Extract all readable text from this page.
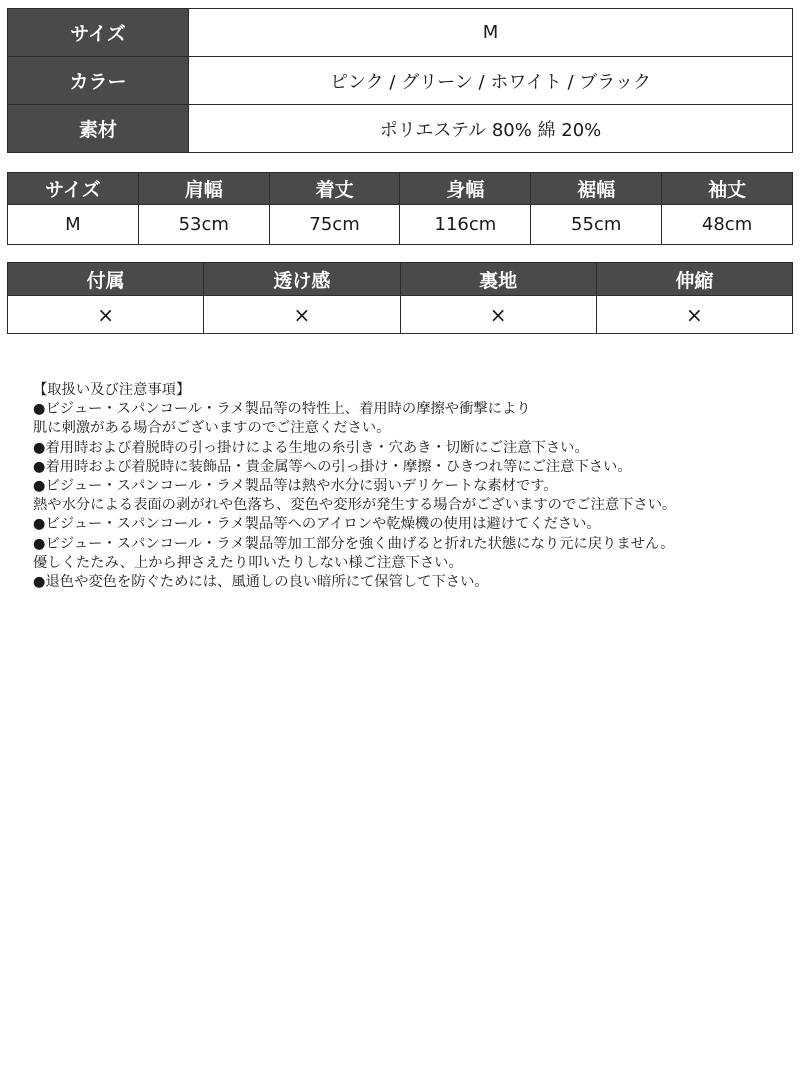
サイズ	M
カラー	ピンク / グリーン / ホワイト / ブラック
素材	ポリエステル 80% 綿 20%
サイズ	肩幅	着丈	身幅	裾幅	袖丈
M	53cm	75cm	116cm	55cm	48cm
付属	透け感	裏地	伸縮
×	×	×	×
【取扱い及び注意事項】
●ビジュー・スパンコール・ラメ製品等の特性上、着用時の摩擦や衝撃により
肌に刺激がある場合がございますのでご注意ください。
●着用時および着脱時の引っ掛けによる生地の糸引き・穴あき・切断にご注意下さい。
●着用時および着脱時に装飾品・貴金属等への引っ掛け・摩擦・ひきつれ等にご注意下さい。
●ビジュー・スパンコール・ラメ製品等は熱や水分に弱いデリケートな素材です。
熱や水分による表面の剥がれや色落ち、変色や変形が発生する場合がございますのでご注意下さい。
●ビジュー・スパンコール・ラメ製品等へのアイロンや乾燥機の使用は避けてください。
●ビジュー・スパンコール・ラメ製品等加工部分を強く曲げると折れた状態になり元に戻りません。
優しくたたみ、上から押さえたり叩いたりしない様ご注意下さい。
●退色や変色を防ぐためには、風通しの良い暗所にて保管して下さい。
